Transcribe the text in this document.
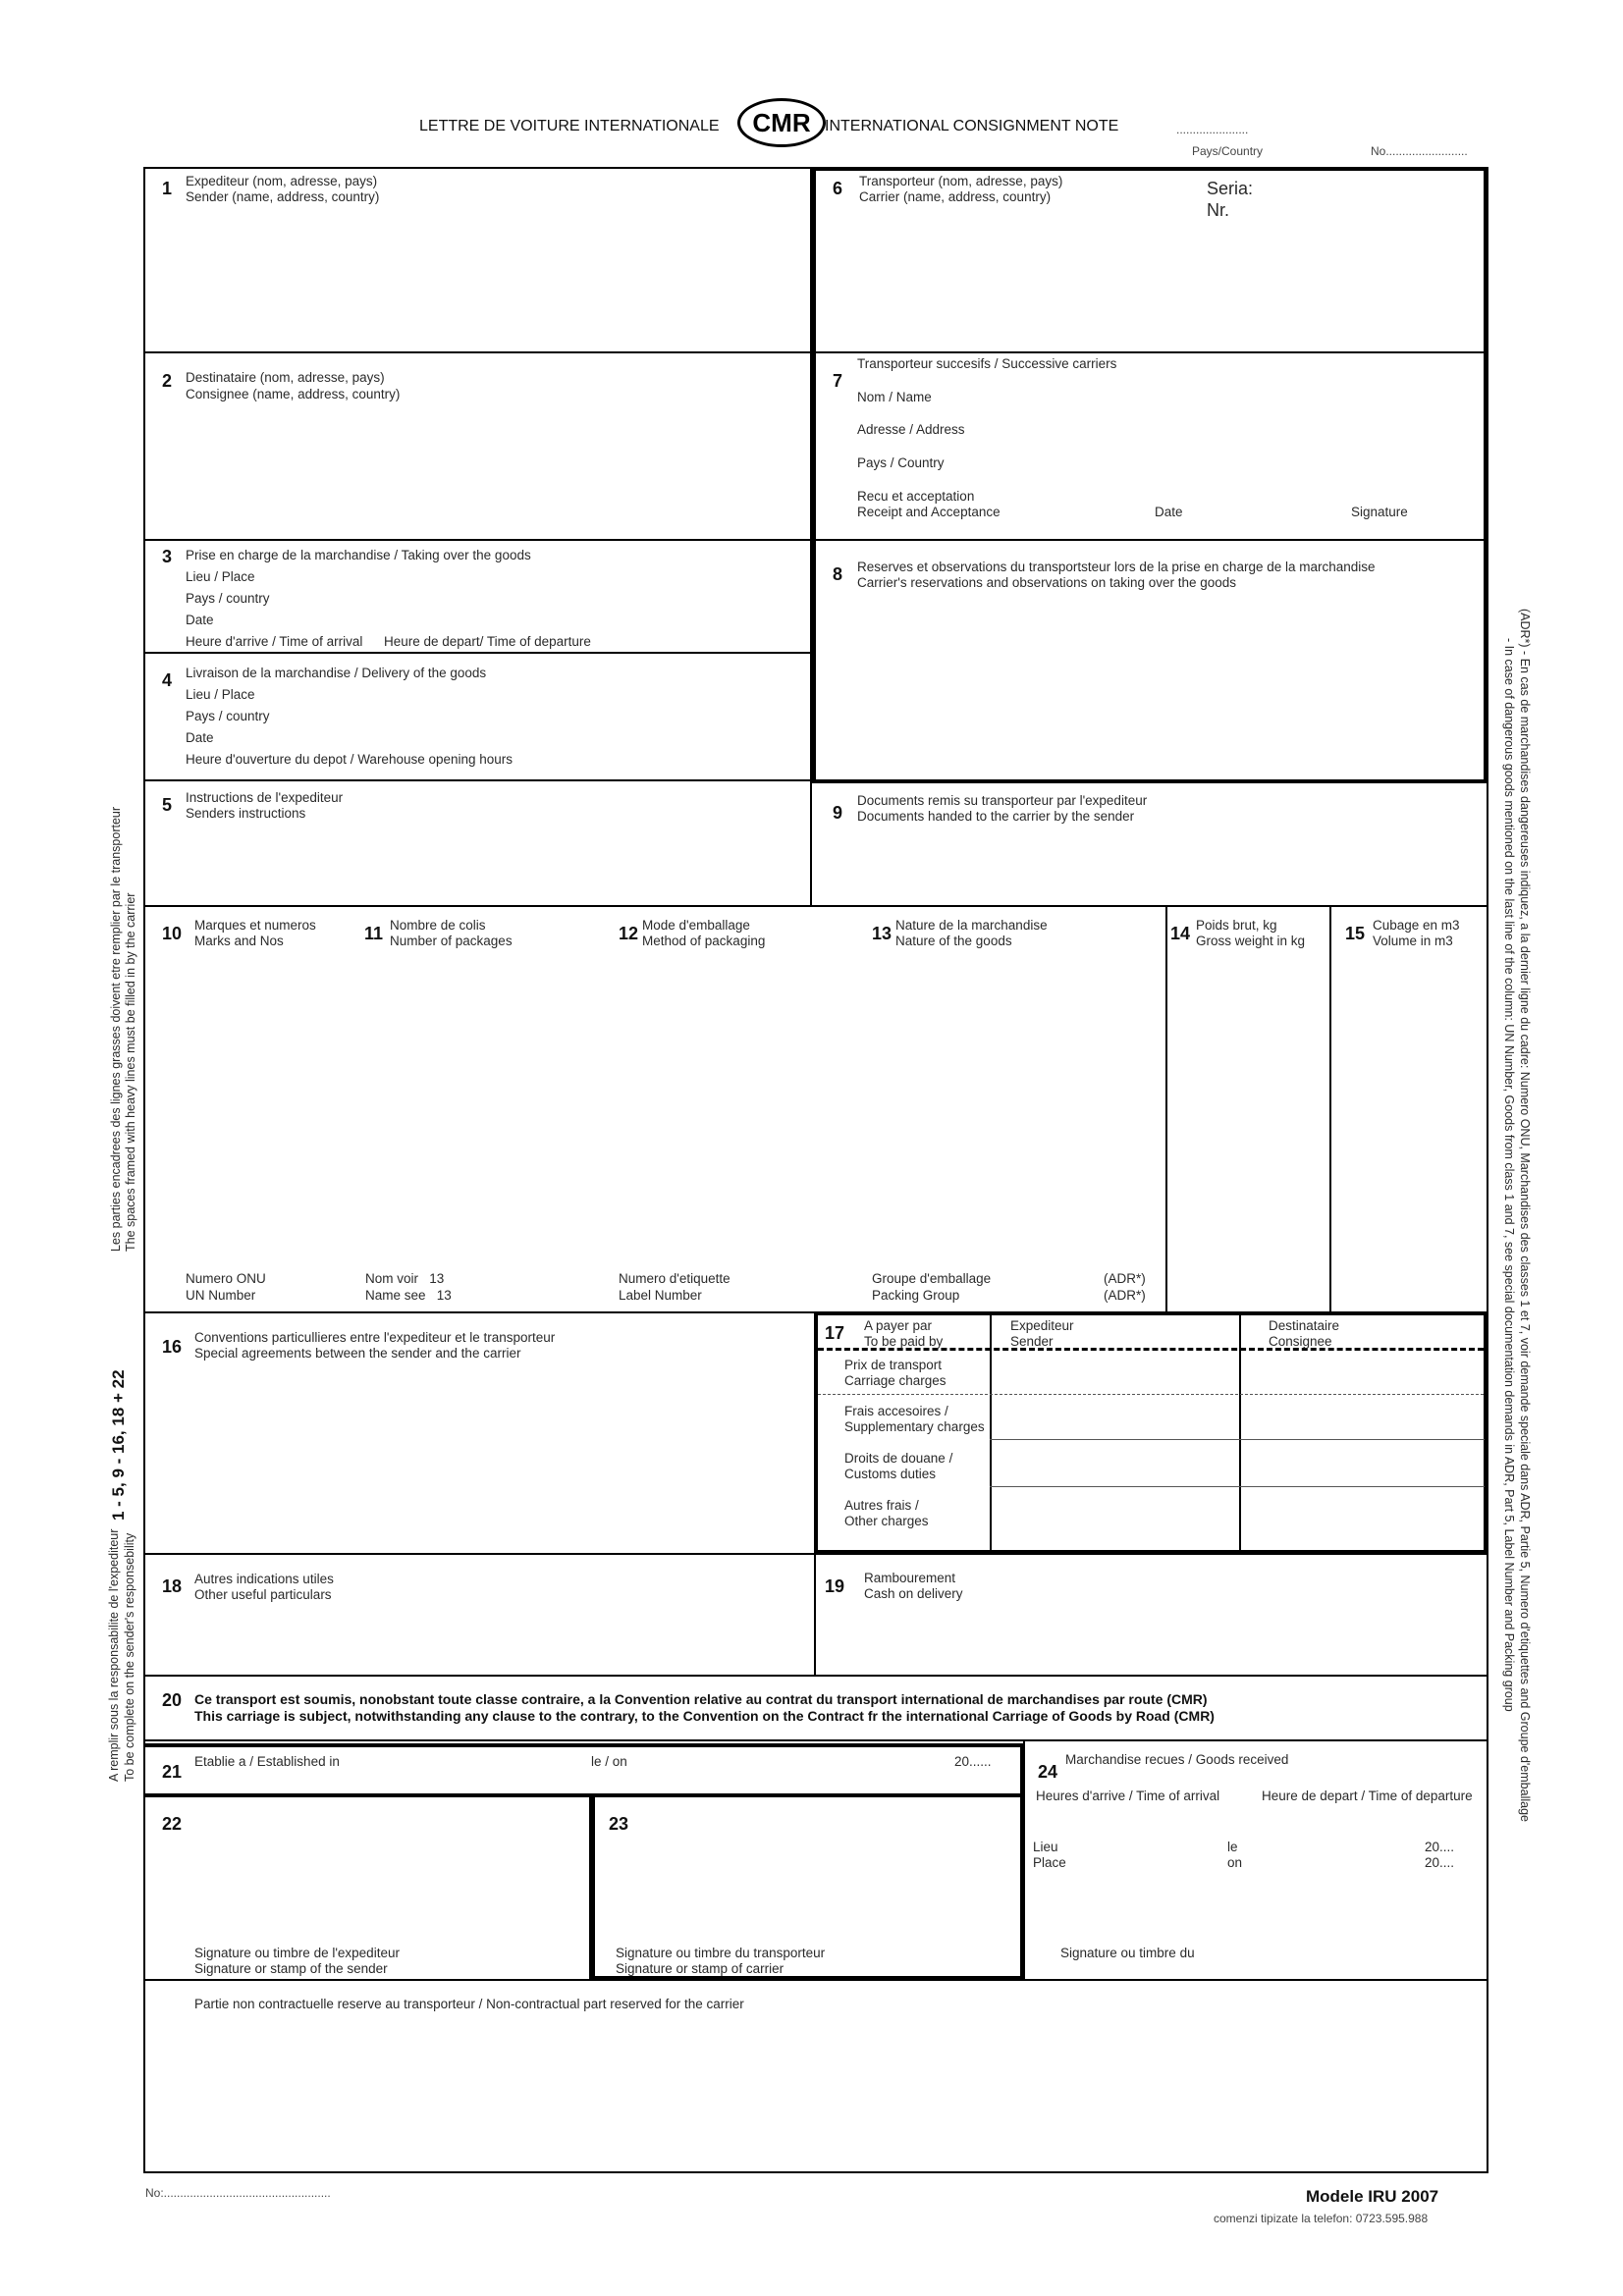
LETTRE DE VOITURE INTERNATIONALE	CMR INTERNATIONAL CONSIGNMENT NOTE	......................
Pays/Country	No.........................
1 Expediteur (nom, adresse, pays)
Sender (name, address, country)	6 Transporteur (nom, adresse, pays)
Carrier (name, address, country)	Seria:
Nr.
2 Destinataire (nom, adresse, pays)
Consignee (name, address, country)
Transporteur succesifs / Successive carriers
7
Nom / Name
Adresse / Address
Pays / Country
Recu et acceptation
Receipt and Acceptance	Date	Signature
3 Prise en charge de la marchandise / Taking over the goods
Lieu / Place
Pays / country
Date
Heure d'arrive / Time of arrival Heure de depart/ Time of departure
8 Reserves et observations du transportsteur lors de la prise en charge de la marchandise
Carrier's reservations and observations on taking over the goods
4 Livraison de la marchandise / Delivery of the goods
Lieu / Place
Pays / country
Date
Heure d'ouverture du depot / Warehouse opening hours
5 Instructions de l'expediteur
Senders instructions	9
Documents remis su transporteur par l'expediteur
Documents handed to the carrier by the sender
10 Marques et numeros
Marks and Nos	11 Nombre de colis
Number of packages	12 Mode d'emballage
Method of packaging	13 Nature de la marchandise
Nature of the goods	14 Poids brut, kg
Gross weight in kg 15 Cubage en m3
Volume in m3
Numero ONU
UN Number
Nom voir   13
Name see   13
Numero d'etiquette
Label Number
Groupe d'emballage
Packing Group
(ADR*)
(ADR*)
16 Conventions particullieres entre l'expediteur et le transporteur
Special agreements between the sender and the carrier
17 A payer par
To be paid by
Expediteur
Sender
Destinataire
Consignee
Prix de transport
Carriage charges
Frais accesoires /
Supplementary charges
Droits de douane /
Customs duties
Autres frais /
Other charges
18 Autres indications utiles
Other useful particulars	19 Rambourement
Cash on delivery
20 Ce transport est soumis, nonobstant toute classe contraire, a la Convention relative au contrat du transport international de marchandises par route (CMR)
This carriage is subject, notwithstanding any clause to the contrary, to the Convention on the Contract fr the international Carriage of Goods by Road (CMR)
21
Etablie a / Established in	le / on	20......
24
Marchandise recues / Goods received
Heures d'arrive / Time of arrival	Heure de depart / Time of departure
Lieu
Place
le
on
20....
20....
Signature ou timbre du
22
Signature ou timbre de l'expediteur
Signature or stamp of the sender
23
Signature ou timbre du transporteur
Signature or stamp of carrier
Partie non contractuelle reserve au transporteur / Non-contractual part reserved for the carrier
Les parties encadrees des lignes grasses doivent etre remplier par le transporteur The spaces framed with heavy lines must be filled in by the carrier
1 - 5, 9 - 16, 18 + 22
A remplir sous la responsabilite de l'expediteur To be complete on the sender's responsebility	(ADR*) - En cas de marchandises dangereuses indiquez, a la dernier ligne du cadre: Numero ONU, Marchandises des classes 1 et 7, voir demande speciale dans ADR, Partie 5, Numero d'etiquettes and Groupe d'emballage
- In case of dangerous goods mentioned on the last line of the column: UN Number, Goods from class 1 and 7, see special documentation demands in ADR, Part 5, Label Number and Packing group
No:...................................................	Modele IRU 2007
comenzi tipizate la telefon: 0723.595.988
